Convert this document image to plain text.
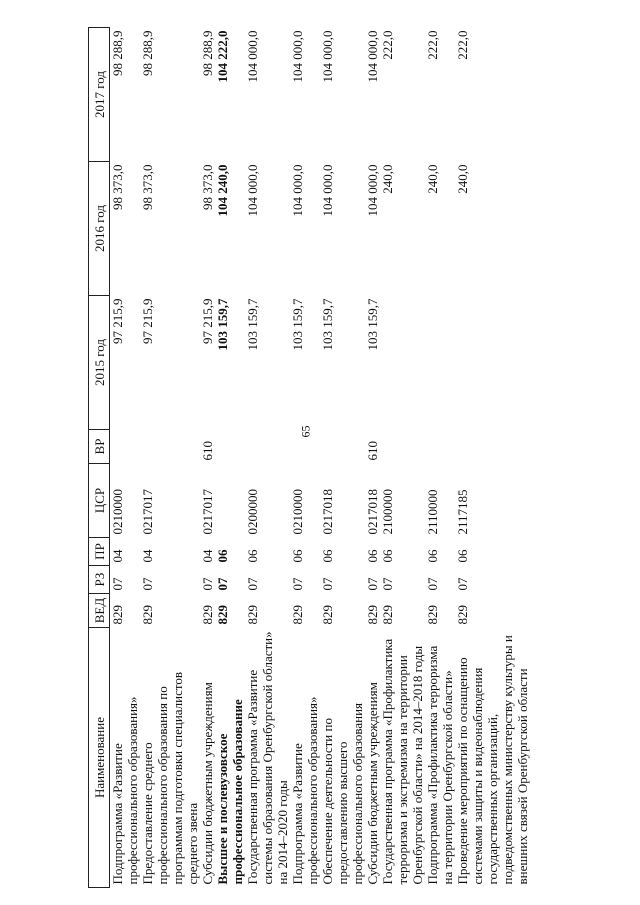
65
Наименование	ВЕД	РЗ	ПР	ЦСР	ВР	2015 год	2016 год	2017 год
Подпрограмма «Развитие профессионального образования»	829	07	04	0210000		97 215,9	98 373,0	98 288,9
Предоставление среднего профессионального образования по программам подготовки специалистов среднего звена	829	07	04	0217017		97 215,9	98 373,0	98 288,9
Субсидии бюджетным учреждениям	829	07	04	0217017	610	97 215,9	98 373,0	98 288,9
Высшее и послевузовское профессиональное образование	829	07	06			103 159,7	104 240,0	104 222,0
Государственная программа «Развитие системы образования Оренбургской области» на 2014–2020 годы	829	07	06	0200000		103 159,7	104 000,0	104 000,0
Подпрограмма «Развитие профессионального образования»	829	07	06	0210000		103 159,7	104 000,0	104 000,0
Обеспечение деятельности по предоставлению высшего профессионального образования	829	07	06	0217018		103 159,7	104 000,0	104 000,0
Субсидии бюджетным учреждениям	829	07	06	0217018	610	103 159,7	104 000,0	104 000,0
Государственная программа «Профилактика терроризма и экстремизма на территории Оренбургской области» на 2014–2018 годы	829	07	06	2100000			240,0	222,0
Подпрограмма «Профилактика терроризма на территории Оренбургской области»	829	07	06	2110000			240,0	222,0
Проведение мероприятий по оснащению системами защиты и видеонаблюдения государственных организаций, подведомственных министерству культуры и внешних связей Оренбургской области	829	07	06	2117185			240,0	222,0
